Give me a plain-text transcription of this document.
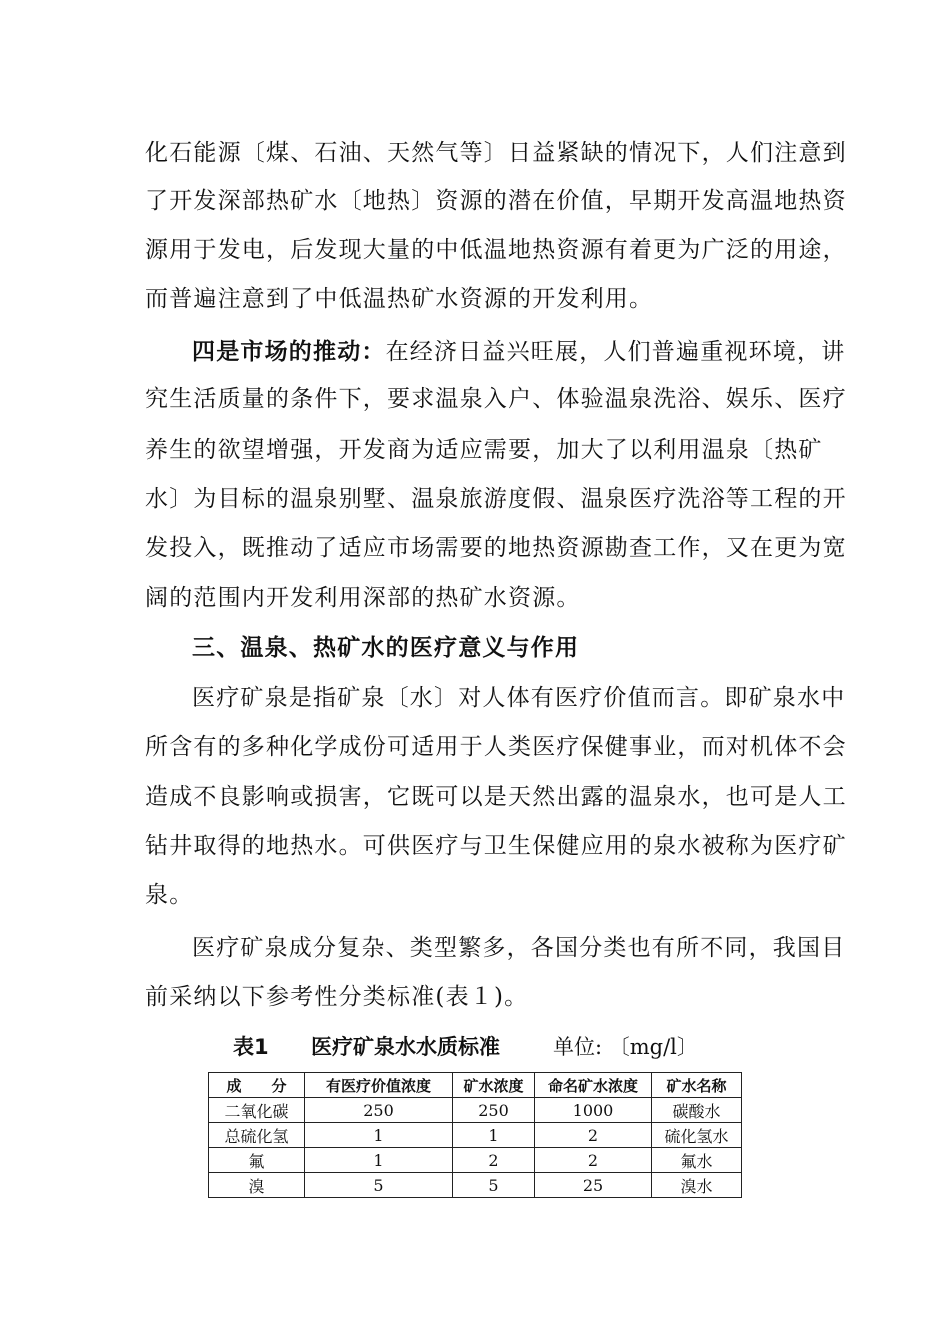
化石能源〔煤、石油、天然气等〕日益紧缺的情况下，人们注意到
了开发深部热矿水〔地热〕资源的潜在价值，早期开发高温地热资
源用于发电，后发现大量的中低温地热资源有着更为广泛的用途，
而普遍注意到了中低温热矿水资源的开发利用。
四是市场的推动：在经济日益兴旺展，人们普遍重视环境，讲
究生活质量的条件下，要求温泉入户、体验温泉洗浴、娱乐、医疗
养生的欲望增强，开发商为适应需要，加大了以利用温泉〔热矿
水〕为目标的温泉别墅、温泉旅游度假、温泉医疗洗浴等工程的开
发投入，既推动了适应市场需要的地热资源勘查工作，又在更为宽
阔的范围内开发利用深部的热矿水资源。
三、温泉、热矿水的医疗意义与作用
医疗矿泉是指矿泉〔水〕对人体有医疗价值而言。即矿泉水中
所含有的多种化学成份可适用于人类医疗保健事业，而对机体不会
造成不良影响或损害，它既可以是天然出露的温泉水，也可是人工
钻井取得的地热水。可供医疗与卫生保健应用的泉水被称为医疗矿
泉。
医疗矿泉成分复杂、类型繁多，各国分类也有所不同，我国目
前采纳以下参考性分类标准(表１)。
表1 医疗矿泉水水质标准	单位: 〔mg/l〕
成　　分	有医疗价值浓度	矿水浓度	命名矿水浓度	矿水名称
二氧化碳	250	250	1000	碳酸水
总硫化氢	1	1	2	硫化氢水
氟	1	2	2	氟水
溴	5	5	25	溴水
